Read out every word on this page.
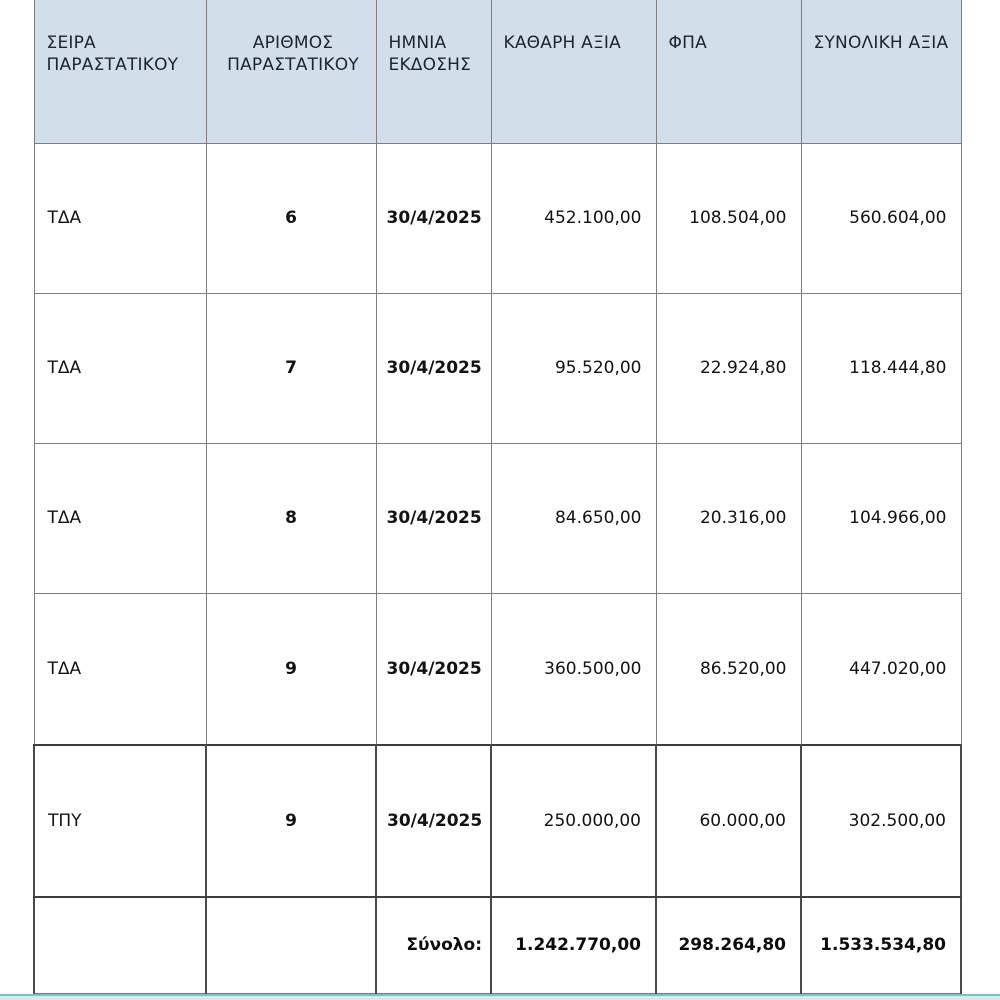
ΣΕΙΡΑ ΠΑΡΑΣΤΑΤΙΚΟΥ	ΑΡΙΘΜΟΣ ΠΑΡΑΣΤΑΤΙΚΟΥ	ΗΜΝΙΑ ΕΚΔΟΣΗΣ	ΚΑΘΑΡΗ ΑΞΙΑ	ΦΠΑ	ΣΥΝΟΛΙΚΗ ΑΞΙΑ
ΤΔΑ	6	30/4/2025	452.100,00	108.504,00	560.604,00
ΤΔΑ	7	30/4/2025	95.520,00	22.924,80	118.444,80
ΤΔΑ	8	30/4/2025	84.650,00	20.316,00	104.966,00
ΤΔΑ	9	30/4/2025	360.500,00	86.520,00	447.020,00
ΤΠΥ	9	30/4/2025	250.000,00	60.000,00	302.500,00
		Σύνολο:	1.242.770,00	298.264,80	1.533.534,80
